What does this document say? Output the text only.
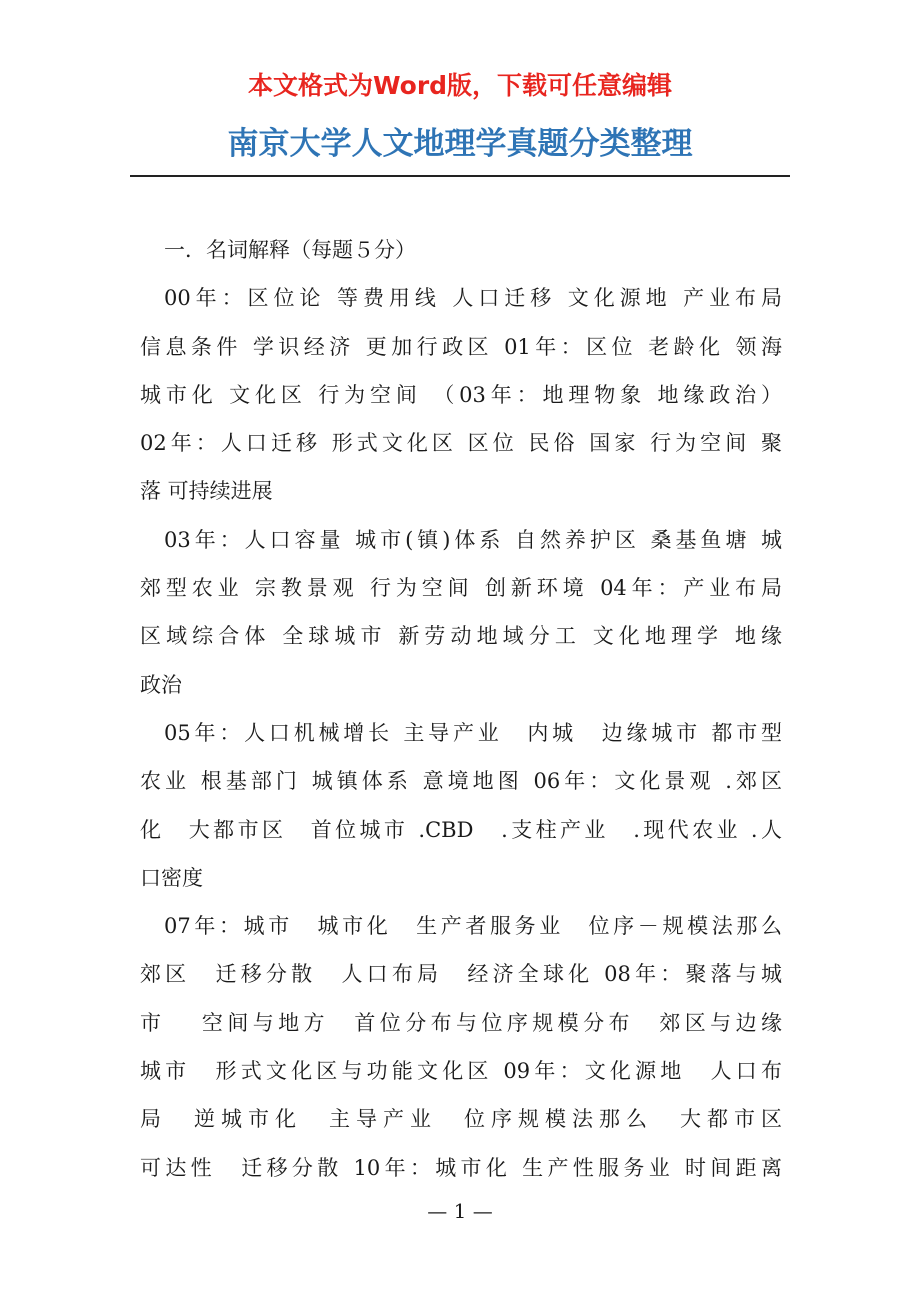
本文格式为Word版，下载可任意编辑
南京大学人文地理学真题分类整理
一．名词解释（每题５分）
00年：区位论 等费用线 人口迁移 文化源地 产业布局
信息条件 学识经济 更加行政区 01年：区位 老龄化 领海
城市化 文化区 行为空间 （03年：地理物象 地缘政治）
02年：人口迁移 形式文化区 区位 民俗 国家 行为空间 聚
落 可持续进展
03年：人口容量 城市(镇)体系 自然养护区 桑基鱼塘 城
郊型农业 宗教景观 行为空间 创新环境 04年：产业布局
区域综合体 全球城市 新劳动地域分工 文化地理学 地缘
政治
05年：人口机械增长 主导产业　内城　边缘城市 都市型
农业 根基部门 城镇体系 意境地图 06年：文化景观 .郊区
化　大都市区　首位城市 .CBD　.支柱产业　.现代农业 .人
口密度
07年：城市　城市化　生产者服务业　位序－规模法那么
郊区　迁移分散　人口布局　经济全球化 08年：聚落与城
市　 空间与地方　首位分布与位序规模分布　郊区与边缘
城市　形式文化区与功能文化区 09年：文化源地　人口布
局　逆城市化　主导产业　位序规模法那么　大都市区
可达性　迁移分散 10年：城市化 生产性服务业 时间距离
— 1 —
